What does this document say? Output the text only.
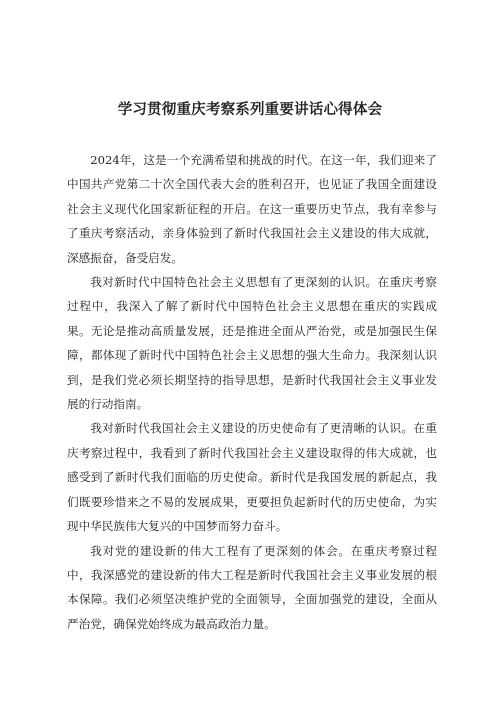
学习贯彻重庆考察系列重要讲话心得体会

2024年，这是一个充满希望和挑战的时代。在这一年，我们迎来了中国共产党第二十次全国代表大会的胜利召开，也见证了我国全面建设社会主义现代化国家新征程的开启。在这一重要历史节点，我有幸参与了重庆考察活动，亲身体验到了新时代我国社会主义建设的伟大成就，深感振奋，备受启发。

我对新时代中国特色社会主义思想有了更深刻的认识。在重庆考察过程中，我深入了解了新时代中国特色社会主义思想在重庆的实践成果。无论是推动高质量发展，还是推进全面从严治党，或是加强民生保障，都体现了新时代中国特色社会主义思想的强大生命力。我深刻认识到，是我们党必须长期坚持的指导思想，是新时代我国社会主义事业发展的行动指南。

我对新时代我国社会主义建设的历史使命有了更清晰的认识。在重庆考察过程中，我看到了新时代我国社会主义建设取得的伟大成就，也感受到了新时代我们面临的历史使命。新时代是我国发展的新起点，我们既要珍惜来之不易的发展成果，更要担负起新时代的历史使命，为实现中华民族伟大复兴的中国梦而努力奋斗。

我对党的建设新的伟大工程有了更深刻的体会。在重庆考察过程中，我深感党的建设新的伟大工程是新时代我国社会主义事业发展的根本保障。我们必须坚决维护党的全面领导，全面加强党的建设，全面从严治党，确保党始终成为最高政治力量。
